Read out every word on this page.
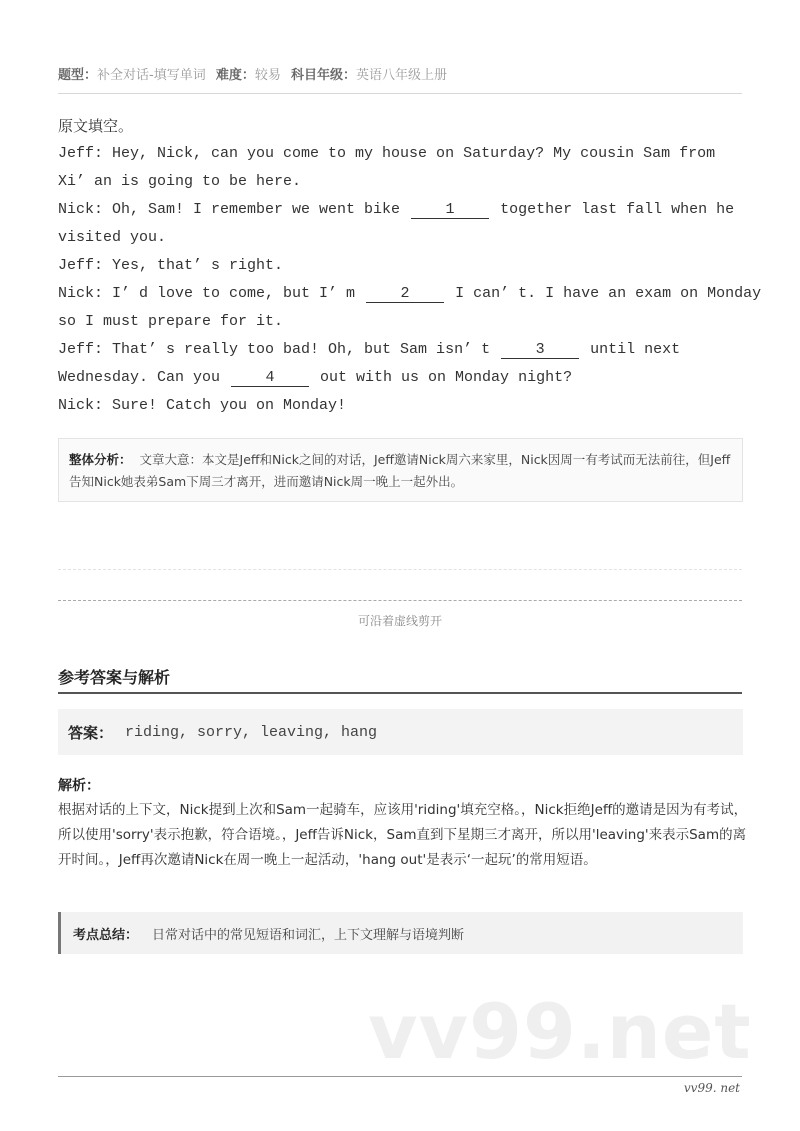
题型：补全对话-填写单词 难度：较易 科目年级：英语八年级上册
原文填空。
Jeff: Hey, Nick, can you come to my house on Saturday? My cousin Sam from
Xi’ an is going to be here.
Nick: Oh, Sam! I remember we went bike 1 together last fall when he
visited you.
Jeff: Yes, that’ s right.
Nick: I’ d love to come, but I’ m 2 I can’ t. I have an exam on Monday
so I must prepare for it.
Jeff: That’ s really too bad! Oh, but Sam isn’ t 3 until next
Wednesday. Can you 4 out with us on Monday night?
Nick: Sure! Catch you on Monday!
整体分析： 文章大意：本文是Jeff和Nick之间的对话，Jeff邀请Nick周六来家里，Nick因周一有考试而无法前往，但Jeff告知Nick她表弟Sam下周三才离开，进而邀请Nick周一晚上一起外出。
可沿着虚线剪开
参考答案与解析
答案： riding, sorry, leaving, hang
解析：
根据对话的上下文，Nick提到上次和Sam一起骑车，应该用'riding'填充空格。，Nick拒绝Jeff的邀请是因为有考试，所以使用'sorry'表示抱歉，符合语境。，Jeff告诉Nick，Sam直到下星期三才离开，所以用'leaving'来表示Sam的离开时间。，Jeff再次邀请Nick在周一晚上一起活动，'hang out'是表示‘一起玩’的常用短语。
考点总结： 日常对话中的常见短语和词汇，上下文理解与语境判断
vv99.net
vv99. net
